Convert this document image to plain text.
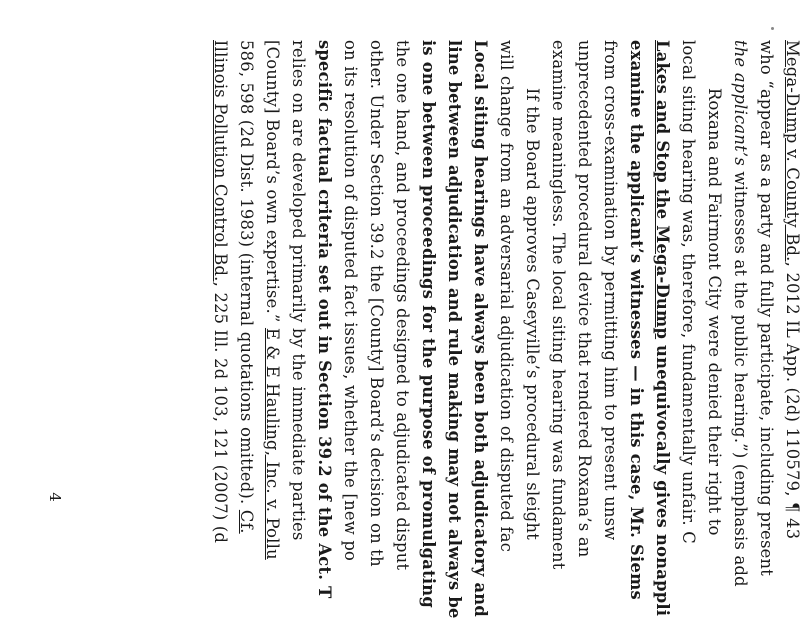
Mega-Dump v. County Bd., 2012 IL App. (2d) 110579, ¶ 43
who “appear as a party and fully participate, including present
the applicant’s witnesses at the public hearing.”) (emphasis add
Roxana and Fairmont City were denied their right to
local siting hearing was, therefore, fundamentally unfair. C
Lakes and Stop the Mega-Dump unequivocally gives nonappli
examine the applicant’s witnesses — in this case, Mr. Siems
from cross-examination by permitting him to present unsw
unprecedented procedural device that rendered Roxana’s an
examine meaningless. The local siting hearing was fundament
If the Board approves Caseyville’s procedural sleight
will change from an adversarial adjudication of disputed fac
Local siting hearings have always been both adjudicatory and
line between adjudication and rule making may not always be
is one between proceedings for the purpose of promulgating
the one hand, and proceedings designed to adjudicated disput
other. Under Section 39.2 the [County] Board’s decision on th
on its resolution of disputed fact issues, whether the [new po
specific factual criteria set out in Section 39.2 of the Act. T
relies on are developed primarily by the immediate parties
[County] Board’s own expertise.” E & E Hauling, Inc. v. Pollu
586, 598 (2d Dist. 1983) (internal quotations omitted). Cf.
Illinois Pollution Control Bd., 225 Ill. 2d 103, 121 (2007) (d
4
